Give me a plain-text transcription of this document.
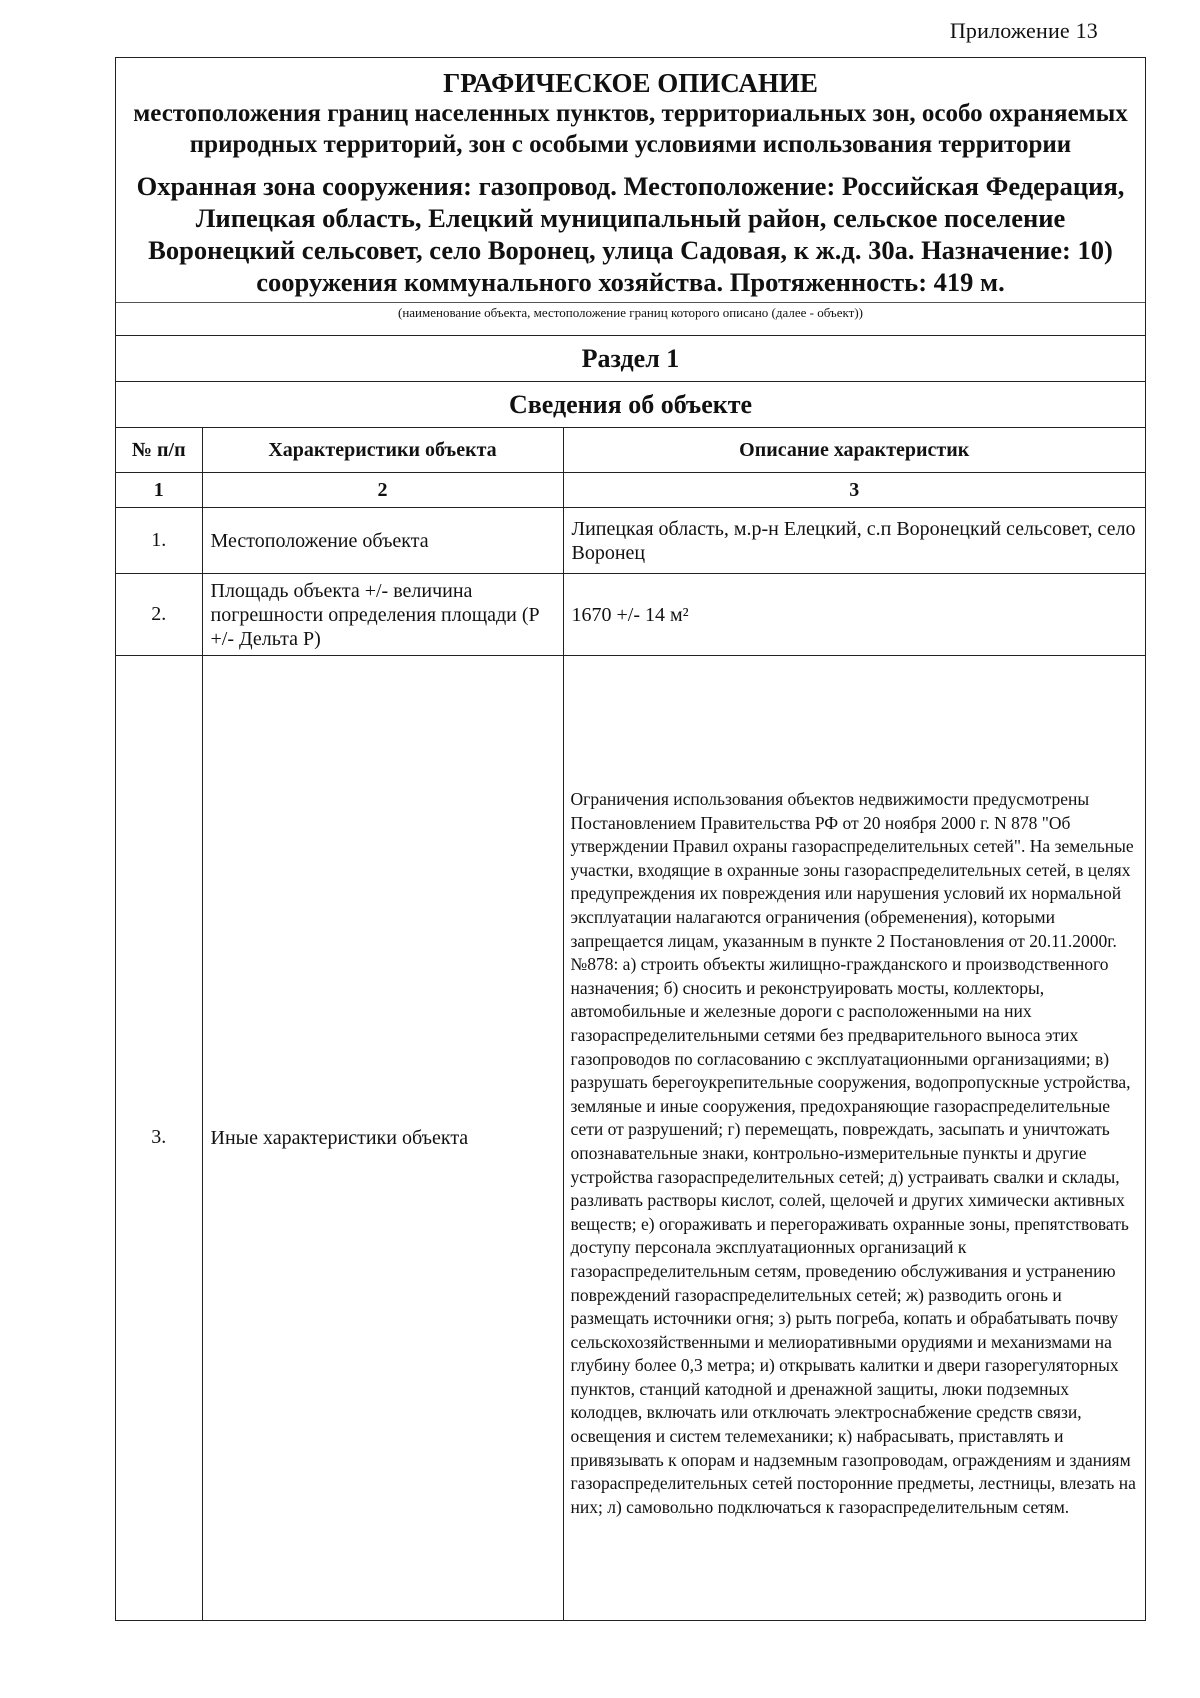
Приложение 13
ГРАФИЧЕСКОЕ ОПИСАНИЕ
местоположения границ населенных пунктов, территориальных зон, особо охраняемых природных территорий, зон с особыми условиями использования территории
Охранная зона сооружения: газопровод. Местоположение: Российская Федерация, Липецкая область, Елецкий муниципальный район, сельское поселение Воронецкий сельсовет, село Воронец, улица Садовая, к ж.д. 30а. Назначение: 10) сооружения коммунального хозяйства. Протяженность: 419 м.
(наименование объекта, местоположение границ которого описано (далее - объект))
Раздел 1
Сведения об объекте
№ п/п	Характеристики объекта	Описание характеристик
1	2	3
1.	Местоположение объекта	Липецкая область, м.р-н Елецкий, с.п Воронецкий сельсовет, село Воронец
2.	Площадь объекта +/- величина погрешности определения площади (Р +/- Дельта Р)	1670 +/- 14 м²
3.	Иные характеристики объекта	Ограничения использования объектов недвижимости предусмотрены Постановлением Правительства РФ от 20 ноября 2000 г. N 878 "Об утверждении Правил охраны газораспределительных сетей". На земельные участки, входящие в охранные зоны газораспределительных сетей, в целях предупреждения их повреждения или нарушения условий их нормальной эксплуатации налагаются ограничения (обременения), которыми запрещается лицам, указанным в пункте 2 Постановления от 20.11.2000г. №878: а) строить объекты жилищно-гражданского и производственного назначения; б) сносить и реконструировать мосты, коллекторы, автомобильные и железные дороги с расположенными на них газораспределительными сетями без предварительного выноса этих газопроводов по согласованию с эксплуатационными организациями; в) разрушать берегоукрепительные сооружения, водопропускные устройства, земляные и иные сооружения, предохраняющие газораспределительные сети от разрушений; г) перемещать, повреждать, засыпать и уничтожать опознавательные знаки, контрольно-измерительные пункты и другие устройства газораспределительных сетей; д) устраивать свалки и склады, разливать растворы кислот, солей, щелочей и других химически активных веществ; е) огораживать и перегораживать охранные зоны, препятствовать доступу персонала эксплуатационных организаций к газораспределительным сетям, проведению обслуживания и устранению повреждений газораспределительных сетей; ж) разводить огонь и размещать источники огня; з) рыть погреба, копать и обрабатывать почву сельскохозяйственными и мелиоративными орудиями и механизмами на глубину более 0,3 метра; и) открывать калитки и двери газорегуляторных пунктов, станций катодной и дренажной защиты, люки подземных колодцев, включать или отключать электроснабжение средств связи, освещения и систем телемеханики; к) набрасывать, приставлять и привязывать к опорам и надземным газопроводам, ограждениям и зданиям газораспределительных сетей посторонние предметы, лестницы, влезать на них; л) самовольно подключаться к газораспределительным сетям.
